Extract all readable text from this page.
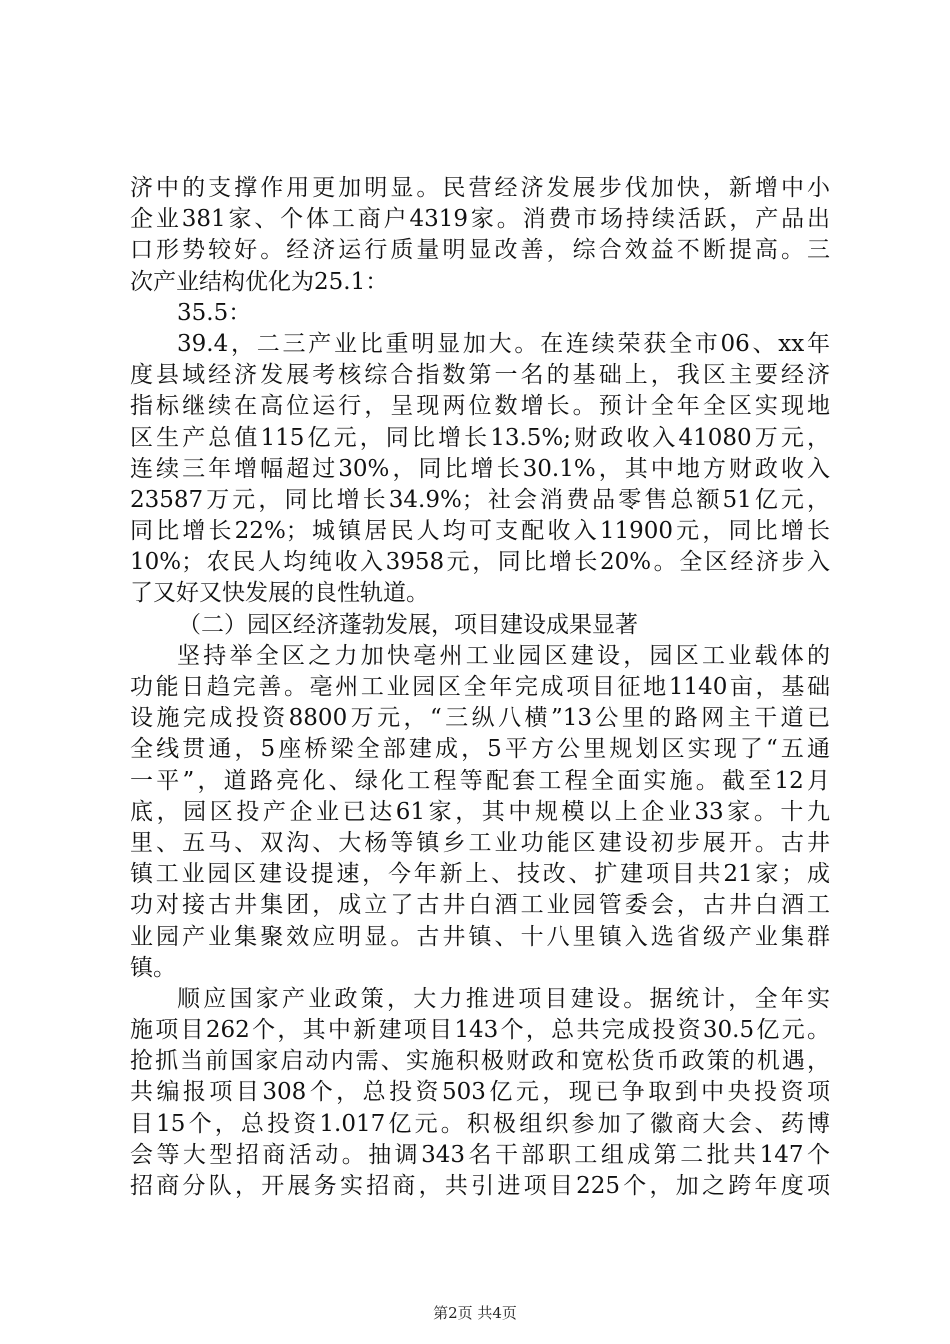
济中的支撑作用更加明显。民营经济发展步伐加快，新增中小
企业381家、个体工商户4319家。消费市场持续活跃，产品出
口形势较好。经济运行质量明显改善，综合效益不断提高。三
次产业结构优化为25.1：
35.5：
39.4，二三产业比重明显加大。在连续荣获全市06、xx年
度县域经济发展考核综合指数第一名的基础上，我区主要经济
指标继续在高位运行，呈现两位数增长。预计全年全区实现地
区生产总值115亿元，同比增长13.5%;财政收入41080万元，
连续三年增幅超过30%，同比增长30.1%，其中地方财政收入
23587万元，同比增长34.9%；社会消费品零售总额51亿元，
同比增长22%；城镇居民人均可支配收入11900元，同比增长
10%；农民人均纯收入3958元，同比增长20%。全区经济步入
了又好又快发展的良性轨道。
（二）园区经济蓬勃发展，项目建设成果显著
坚持举全区之力加快亳州工业园区建设，园区工业载体的
功能日趋完善。亳州工业园区全年完成项目征地1140亩，基础
设施完成投资8800万元，“三纵八横”13公里的路网主干道已
全线贯通，5座桥梁全部建成，5平方公里规划区实现了“五通
一平”，道路亮化、绿化工程等配套工程全面实施。截至12月
底，园区投产企业已达61家，其中规模以上企业33家。十九
里、五马、双沟、大杨等镇乡工业功能区建设初步展开。古井
镇工业园区建设提速，今年新上、技改、扩建项目共21家；成
功对接古井集团，成立了古井白酒工业园管委会，古井白酒工
业园产业集聚效应明显。古井镇、十八里镇入选省级产业集群
镇。
顺应国家产业政策，大力推进项目建设。据统计，全年实
施项目262个，其中新建项目143个，总共完成投资30.5亿元。
抢抓当前国家启动内需、实施积极财政和宽松货币政策的机遇，
共编报项目308个，总投资503亿元，现已争取到中央投资项
目15个，总投资1.017亿元。积极组织参加了徽商大会、药博
会等大型招商活动。抽调343名干部职工组成第二批共147个
招商分队，开展务实招商，共引进项目225个，加之跨年度项
第2页 共4页
